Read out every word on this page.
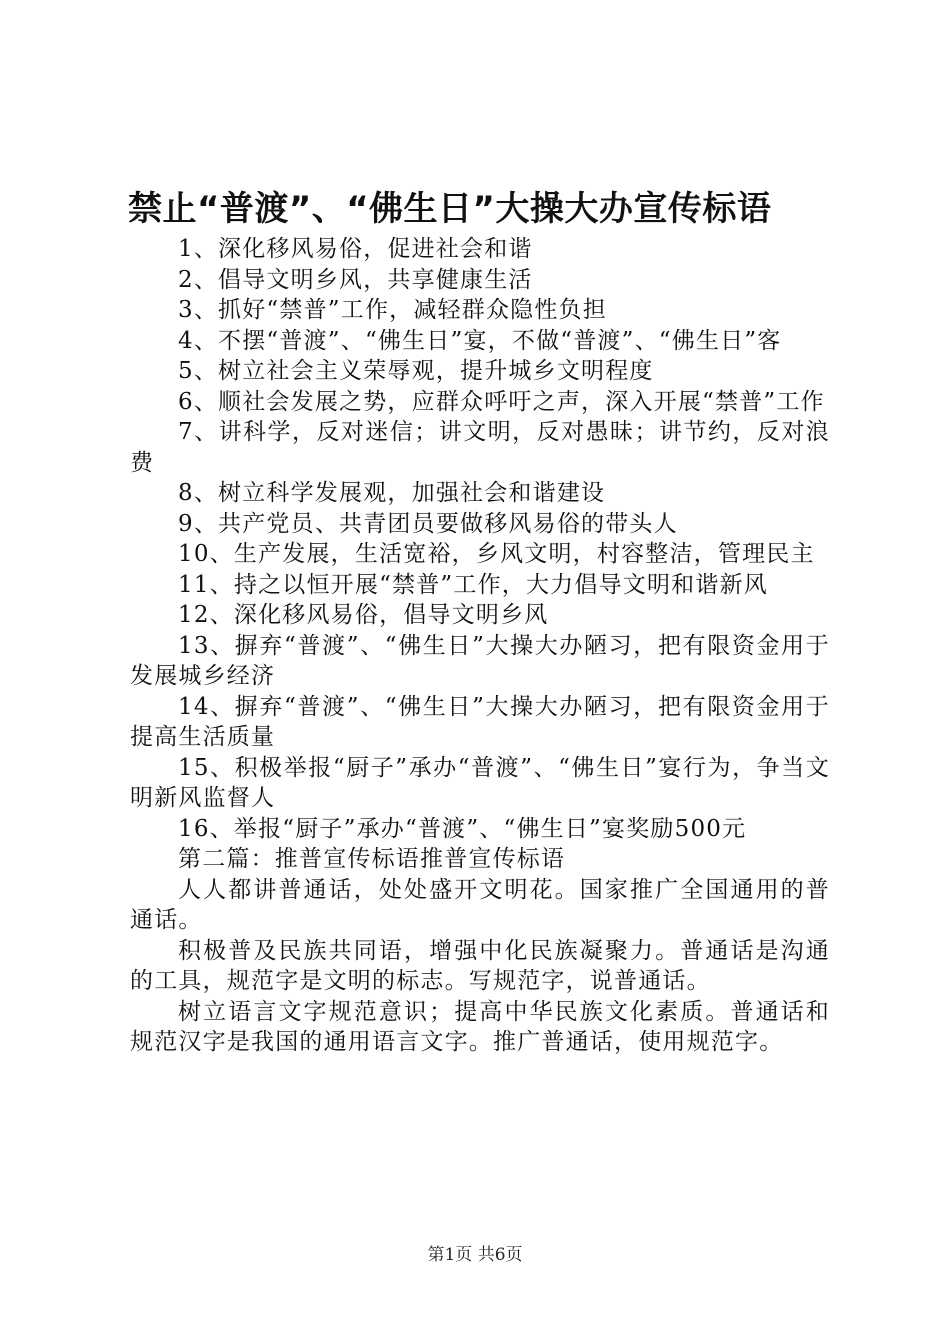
禁止“普渡”、“佛生日”大操大办宣传标语

1、深化移风易俗，促进社会和谐

2、倡导文明乡风，共享健康生活

3、抓好“禁普”工作，减轻群众隐性负担

4、不摆“普渡”、“佛生日”宴，不做“普渡”、“佛生日”客

5、树立社会主义荣辱观，提升城乡文明程度

6、顺社会发展之势，应群众呼吁之声，深入开展“禁普”工作

7、讲科学，反对迷信；讲文明，反对愚昧；讲节约，反对浪费

8、树立科学发展观，加强社会和谐建设

9、共产党员、共青团员要做移风易俗的带头人

10、生产发展，生活宽裕，乡风文明，村容整洁，管理民主

11、持之以恒开展“禁普”工作，大力倡导文明和谐新风

12、深化移风易俗，倡导文明乡风

13、摒弃“普渡”、“佛生日”大操大办陋习，把有限资金用于发展城乡经济

14、摒弃“普渡”、“佛生日”大操大办陋习，把有限资金用于提高生活质量

15、积极举报“厨子”承办“普渡”、“佛生日”宴行为，争当文明新风监督人

16、举报“厨子”承办“普渡”、“佛生日”宴奖励500元

第二篇：推普宣传标语推普宣传标语

人人都讲普通话，处处盛开文明花。国家推广全国通用的普通话。

积极普及民族共同语，增强中化民族凝聚力。普通话是沟通的工具，规范字是文明的标志。写规范字，说普通话。

树立语言文字规范意识；提高中华民族文化素质。普通话和规范汉字是我国的通用语言文字。推广普通话，使用规范字。

第1页 共6页
